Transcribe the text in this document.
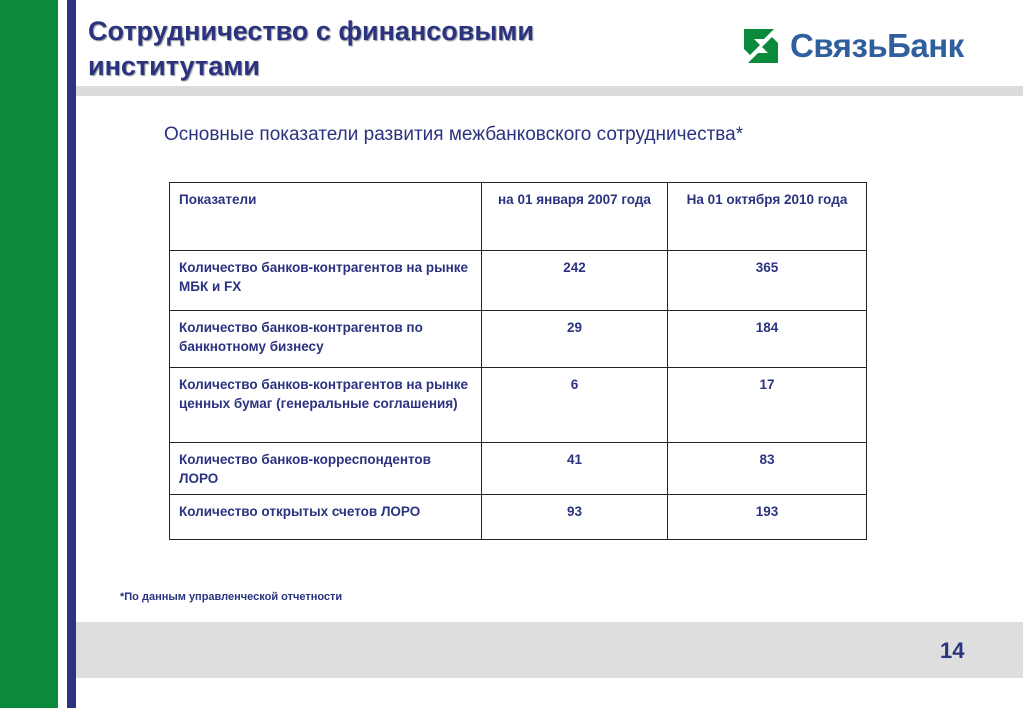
Сотрудничество с финансовыми
институтами
СвязьБанк
Основные показатели развития межбанковского сотрудничества*
Показатели	на 01 января 2007 года	На 01 октября 2010 года
Количество банков-контрагентов на рынке МБК и FX	242	365
Количество банков-контрагентов по банкнотному бизнесу	29	184
Количество банков-контрагентов на рынке ценных бумаг (генеральные соглашения)	6	17
Количество банков-корреспондентов ЛОРО	41	83
Количество открытых счетов ЛОРО	93	193
*По данным управленческой отчетности
14
